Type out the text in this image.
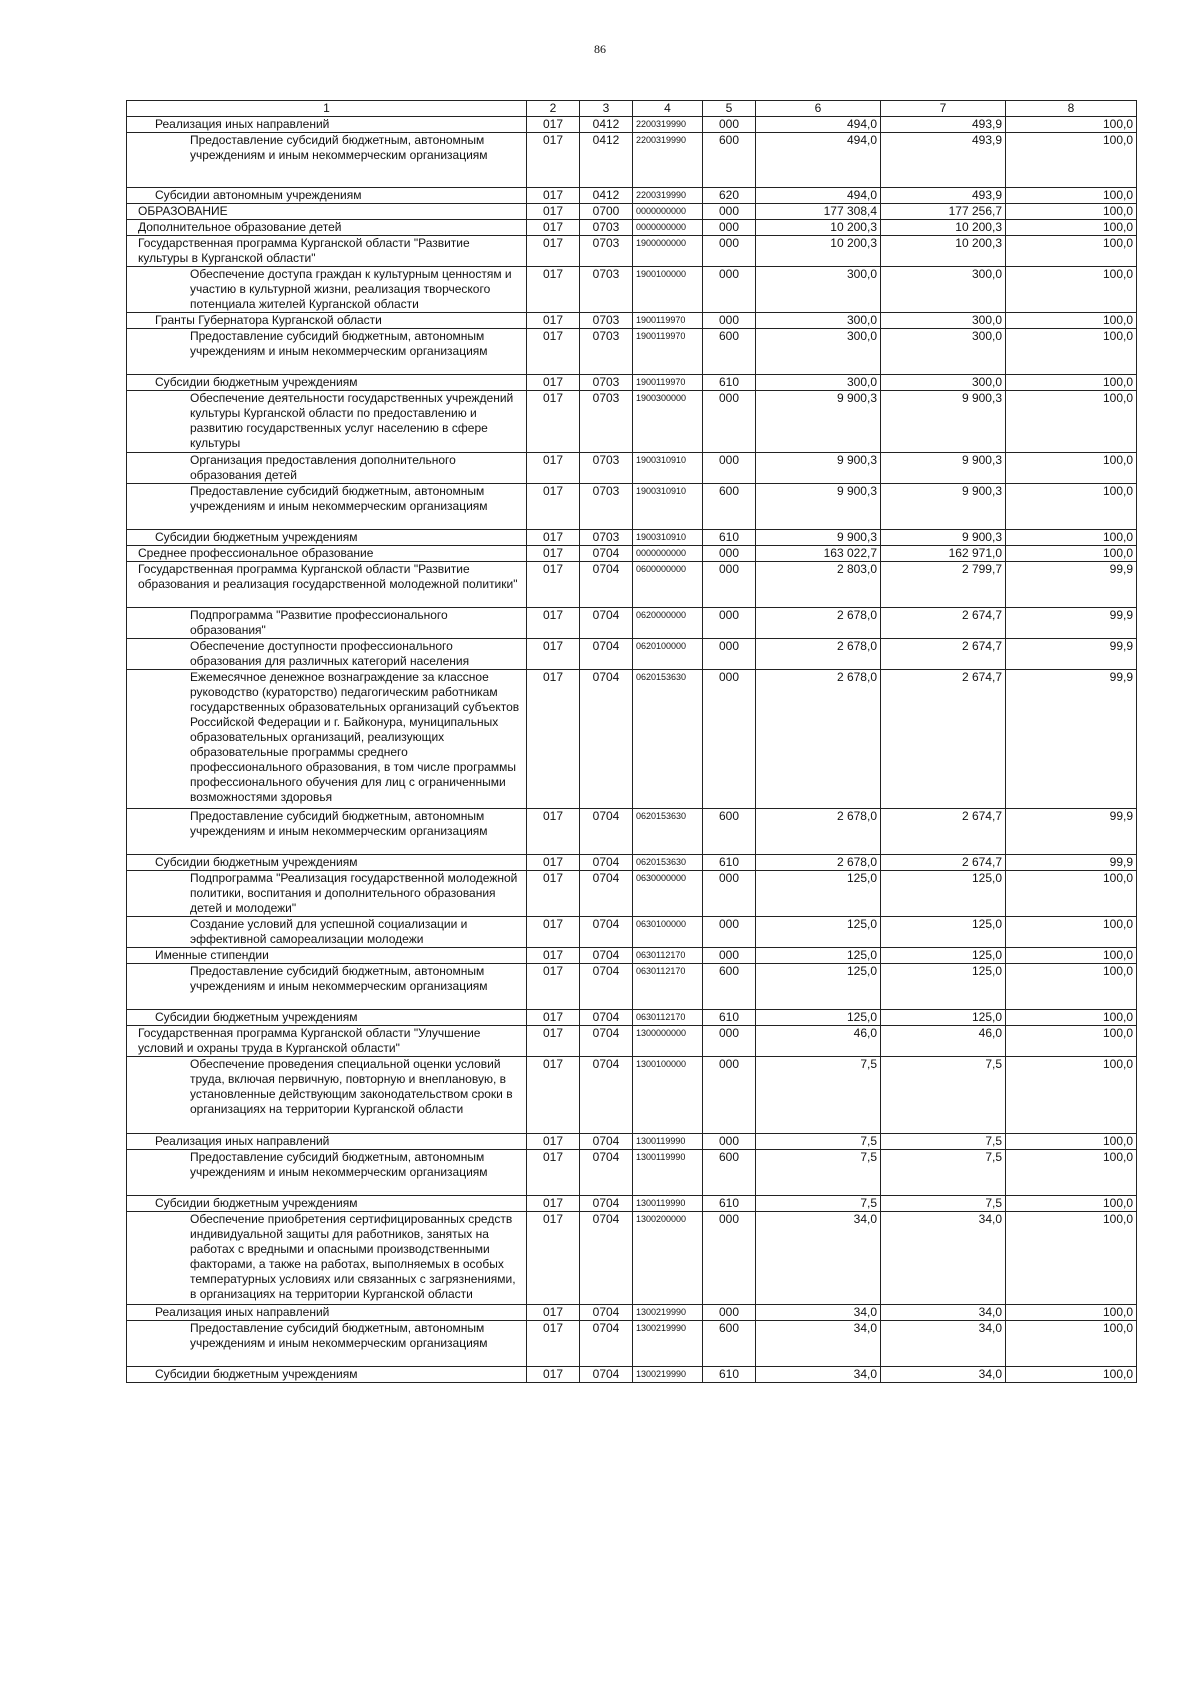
86
1	2	3	4	5	6	7	8

Реализация иных направлений	017	0412	2200319990	000	494,0	493,9	100,0

Предоставление субсидий бюджетным, автономным учреждениям и иным некоммерческим организациям	017	0412	2200319990	600	494,0	493,9	100,0

Субсидии автономным учреждениям	017	0412	2200319990	620	494,0	493,9	100,0

ОБРАЗОВАНИЕ	017	0700	0000000000	000	177 308,4	177 256,7	100,0

Дополнительное образование детей	017	0703	0000000000	000	10 200,3	10 200,3	100,0

Государственная программа Курганской области "Развитие культуры в Курганской области"	017	0703	1900000000	000	10 200,3	10 200,3	100,0

Обеспечение доступа граждан к культурным ценностям и участию в культурной жизни, реализация творческого потенциала жителей Курганской области	017	0703	1900100000	000	300,0	300,0	100,0

Гранты Губернатора Курганской области	017	0703	1900119970	000	300,0	300,0	100,0

Предоставление субсидий бюджетным, автономным учреждениям и иным некоммерческим организациям	017	0703	1900119970	600	300,0	300,0	100,0

Субсидии бюджетным учреждениям	017	0703	1900119970	610	300,0	300,0	100,0

Обеспечение деятельности государственных учреждений культуры Курганской области по предоставлению и развитию государственных услуг населению в сфере культуры	017	0703	1900300000	000	9 900,3	9 900,3	100,0

Организация предоставления дополнительного образования детей	017	0703	1900310910	000	9 900,3	9 900,3	100,0

Предоставление субсидий бюджетным, автономным учреждениям и иным некоммерческим организациям	017	0703	1900310910	600	9 900,3	9 900,3	100,0

Субсидии бюджетным учреждениям	017	0703	1900310910	610	9 900,3	9 900,3	100,0

Среднее профессиональное образование	017	0704	0000000000	000	163 022,7	162 971,0	100,0

Государственная программа Курганской области "Развитие образования и реализация государственной молодежной политики"	017	0704	0600000000	000	2 803,0	2 799,7	99,9

Подпрограмма "Развитие профессионального образования"	017	0704	0620000000	000	2 678,0	2 674,7	99,9

Обеспечение доступности профессионального образования для различных категорий населения	017	0704	0620100000	000	2 678,0	2 674,7	99,9

Ежемесячное денежное вознаграждение за классное руководство (кураторство) педагогическим работникам государственных образовательных организаций субъектов Российской Федерации и г. Байконура, муниципальных образовательных организаций, реализующих образовательные программы среднего профессионального образования, в том числе программы профессионального обучения для лиц с ограниченными возможностями здоровья	017	0704	0620153630	000	2 678,0	2 674,7	99,9

Предоставление субсидий бюджетным, автономным учреждениям и иным некоммерческим организациям	017	0704	0620153630	600	2 678,0	2 674,7	99,9

Субсидии бюджетным учреждениям	017	0704	0620153630	610	2 678,0	2 674,7	99,9

Подпрограмма "Реализация государственной молодежной политики, воспитания и дополнительного образования детей и молодежи"	017	0704	0630000000	000	125,0	125,0	100,0

Создание условий для успешной социализации и эффективной самореализации молодежи	017	0704	0630100000	000	125,0	125,0	100,0

Именные стипендии	017	0704	0630112170	000	125,0	125,0	100,0

Предоставление субсидий бюджетным, автономным учреждениям и иным некоммерческим организациям	017	0704	0630112170	600	125,0	125,0	100,0

Субсидии бюджетным учреждениям	017	0704	0630112170	610	125,0	125,0	100,0

Государственная программа Курганской области "Улучшение условий и охраны труда в Курганской области"	017	0704	1300000000	000	46,0	46,0	100,0

Обеспечение проведения специальной оценки условий труда, включая первичную, повторную и внеплановую, в установленные действующим законодательством сроки в организациях на территории Курганской области	017	0704	1300100000	000	7,5	7,5	100,0

Реализация иных направлений	017	0704	1300119990	000	7,5	7,5	100,0

Предоставление субсидий бюджетным, автономным учреждениям и иным некоммерческим организациям	017	0704	1300119990	600	7,5	7,5	100,0

Субсидии бюджетным учреждениям	017	0704	1300119990	610	7,5	7,5	100,0

Обеспечение приобретения сертифицированных средств индивидуальной защиты для работников, занятых на работах с вредными и опасными производственными факторами, а также на работах, выполняемых в особых температурных условиях или связанных с загрязнениями, в организациях на территории Курганской области	017	0704	1300200000	000	34,0	34,0	100,0

Реализация иных направлений	017	0704	1300219990	000	34,0	34,0	100,0

Предоставление субсидий бюджетным, автономным учреждениям и иным некоммерческим организациям	017	0704	1300219990	600	34,0	34,0	100,0

Субсидии бюджетным учреждениям	017	0704	1300219990	610	34,0	34,0	100,0
